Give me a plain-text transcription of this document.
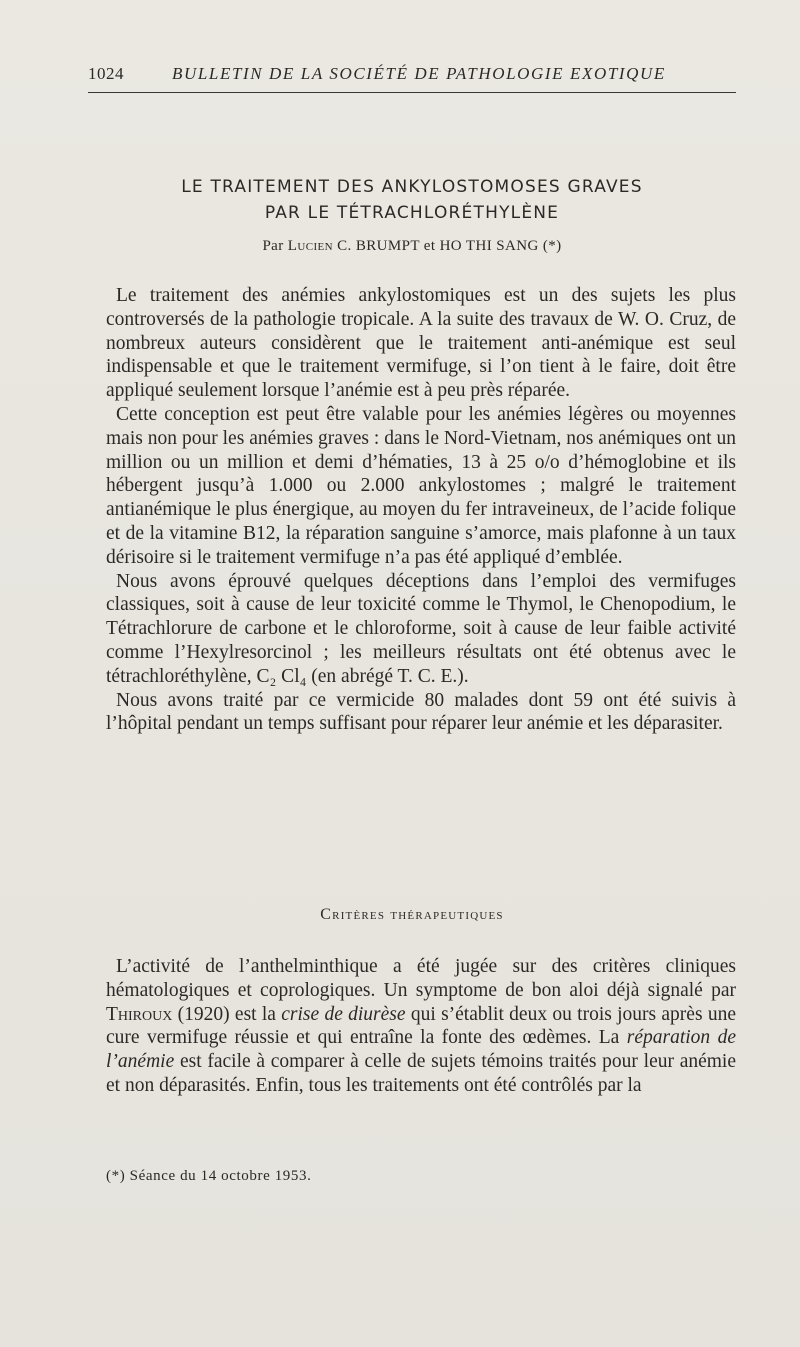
1024	BULLETIN DE LA SOCIÉTÉ DE PATHOLOGIE EXOTIQUE
LE TRAITEMENT DES ANKYLOSTOMOSES GRAVES
PAR LE TÉTRACHLORÉTHYLÈNE
Par Lucien C. BRUMPT et HO THI SANG (*)

Le traitement des anémies ankylostomiques est un des sujets les plus controversés de la pathologie tropicale. A la suite des travaux de W. O. Cruz, de nombreux auteurs considèrent que le traitement anti-anémique est seul indispensable et que le traitement vermifuge, si l’on tient à le faire, doit être appliqué seulement lorsque l’anémie est à peu près réparée.

Cette conception est peut être valable pour les anémies légères ou moyennes mais non pour les anémies graves : dans le Nord-Vietnam, nos anémiques ont un million ou un million et demi d’hématies, 13 à 25 o/o d’hémoglobine et ils hébergent jusqu’à 1.000 ou 2.000 ankylostomes ; malgré le traitement antianémique le plus énergique, au moyen du fer intraveineux, de l’acide folique et de la vitamine B12, la réparation sanguine s’amorce, mais plafonne à un taux dérisoire si le traitement vermifuge n’a pas été appliqué d’emblée.

Nous avons éprouvé quelques déceptions dans l’emploi des vermifuges classiques, soit à cause de leur toxicité comme le Thymol, le Chenopodium, le Tétrachlorure de carbone et le chloroforme, soit à cause de leur faible activité comme l’Hexylresorcinol ; les meilleurs résultats ont été obtenus avec le tétrachloréthylène, C₂ Cl₄ (en abrégé T. C. E.).

Nous avons traité par ce vermicide 80 malades dont 59 ont été suivis à l’hôpital pendant un temps suffisant pour réparer leur anémie et les déparasiter.

Critères thérapeutiques

L’activité de l’anthelminthique a été jugée sur des critères cliniques hématologiques et coprologiques. Un symptome de bon aloi déjà signalé par Thiroux (1920) est la crise de diurèse qui s’établit deux ou trois jours après une cure vermifuge réussie et qui entraîne la fonte des œdèmes. La réparation de l’anémie est facile à comparer à celle de sujets témoins traités pour leur anémie et non déparasités. Enfin, tous les traitements ont été contrôlés par la

(*) Séance du 14 octobre 1953.
